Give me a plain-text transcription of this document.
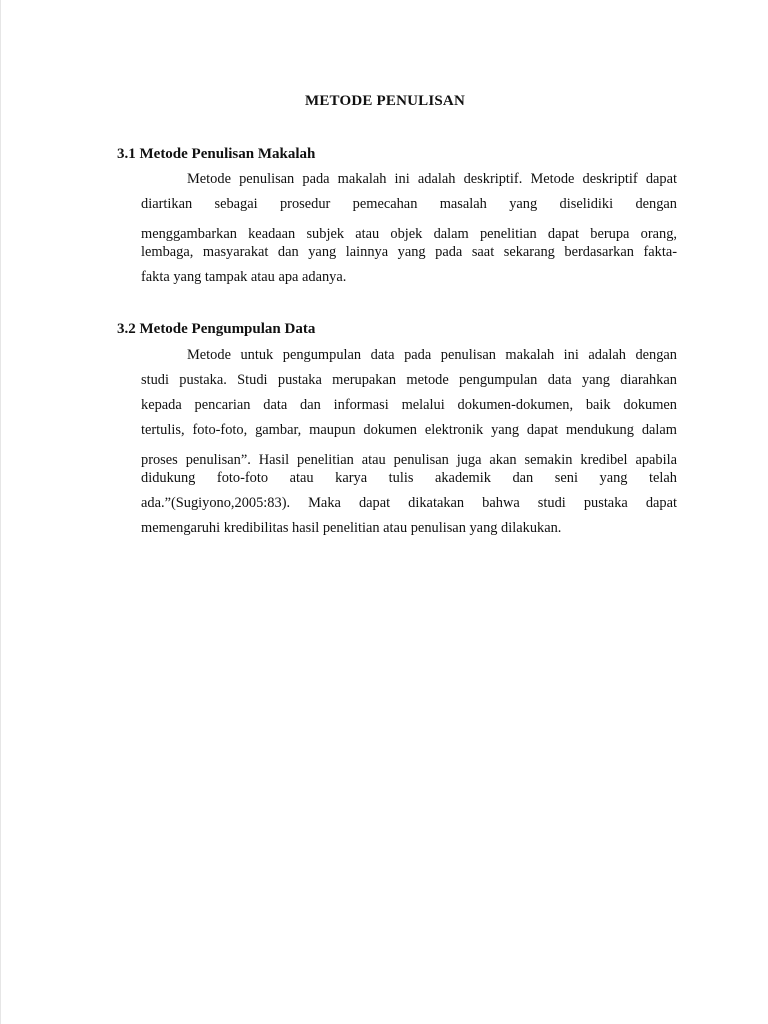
METODE PENULISAN
3.1 Metode Penulisan Makalah
Metode penulisan pada makalah ini adalah deskriptif. Metode deskriptif dapat
diartikan sebagai prosedur pemecahan masalah yang diselidiki dengan
menggambarkan keadaan subjek atau objek dalam penelitian dapat berupa orang,
lembaga, masyarakat dan yang lainnya yang pada saat sekarang berdasarkan fakta-
fakta yang tampak atau apa adanya.
3.2 Metode Pengumpulan Data
Metode untuk pengumpulan data pada penulisan makalah ini adalah dengan
studi pustaka. Studi pustaka merupakan metode pengumpulan data yang diarahkan
kepada pencarian data dan informasi melalui dokumen-dokumen, baik dokumen
tertulis, foto-foto, gambar, maupun dokumen elektronik yang dapat mendukung dalam
proses penulisan”. Hasil penelitian atau penulisan juga akan semakin kredibel apabila
didukung foto-foto atau karya tulis akademik dan seni yang telah
ada.”(Sugiyono,2005:83). Maka dapat dikatakan bahwa studi pustaka dapat
memengaruhi kredibilitas hasil penelitian atau penulisan yang dilakukan.
